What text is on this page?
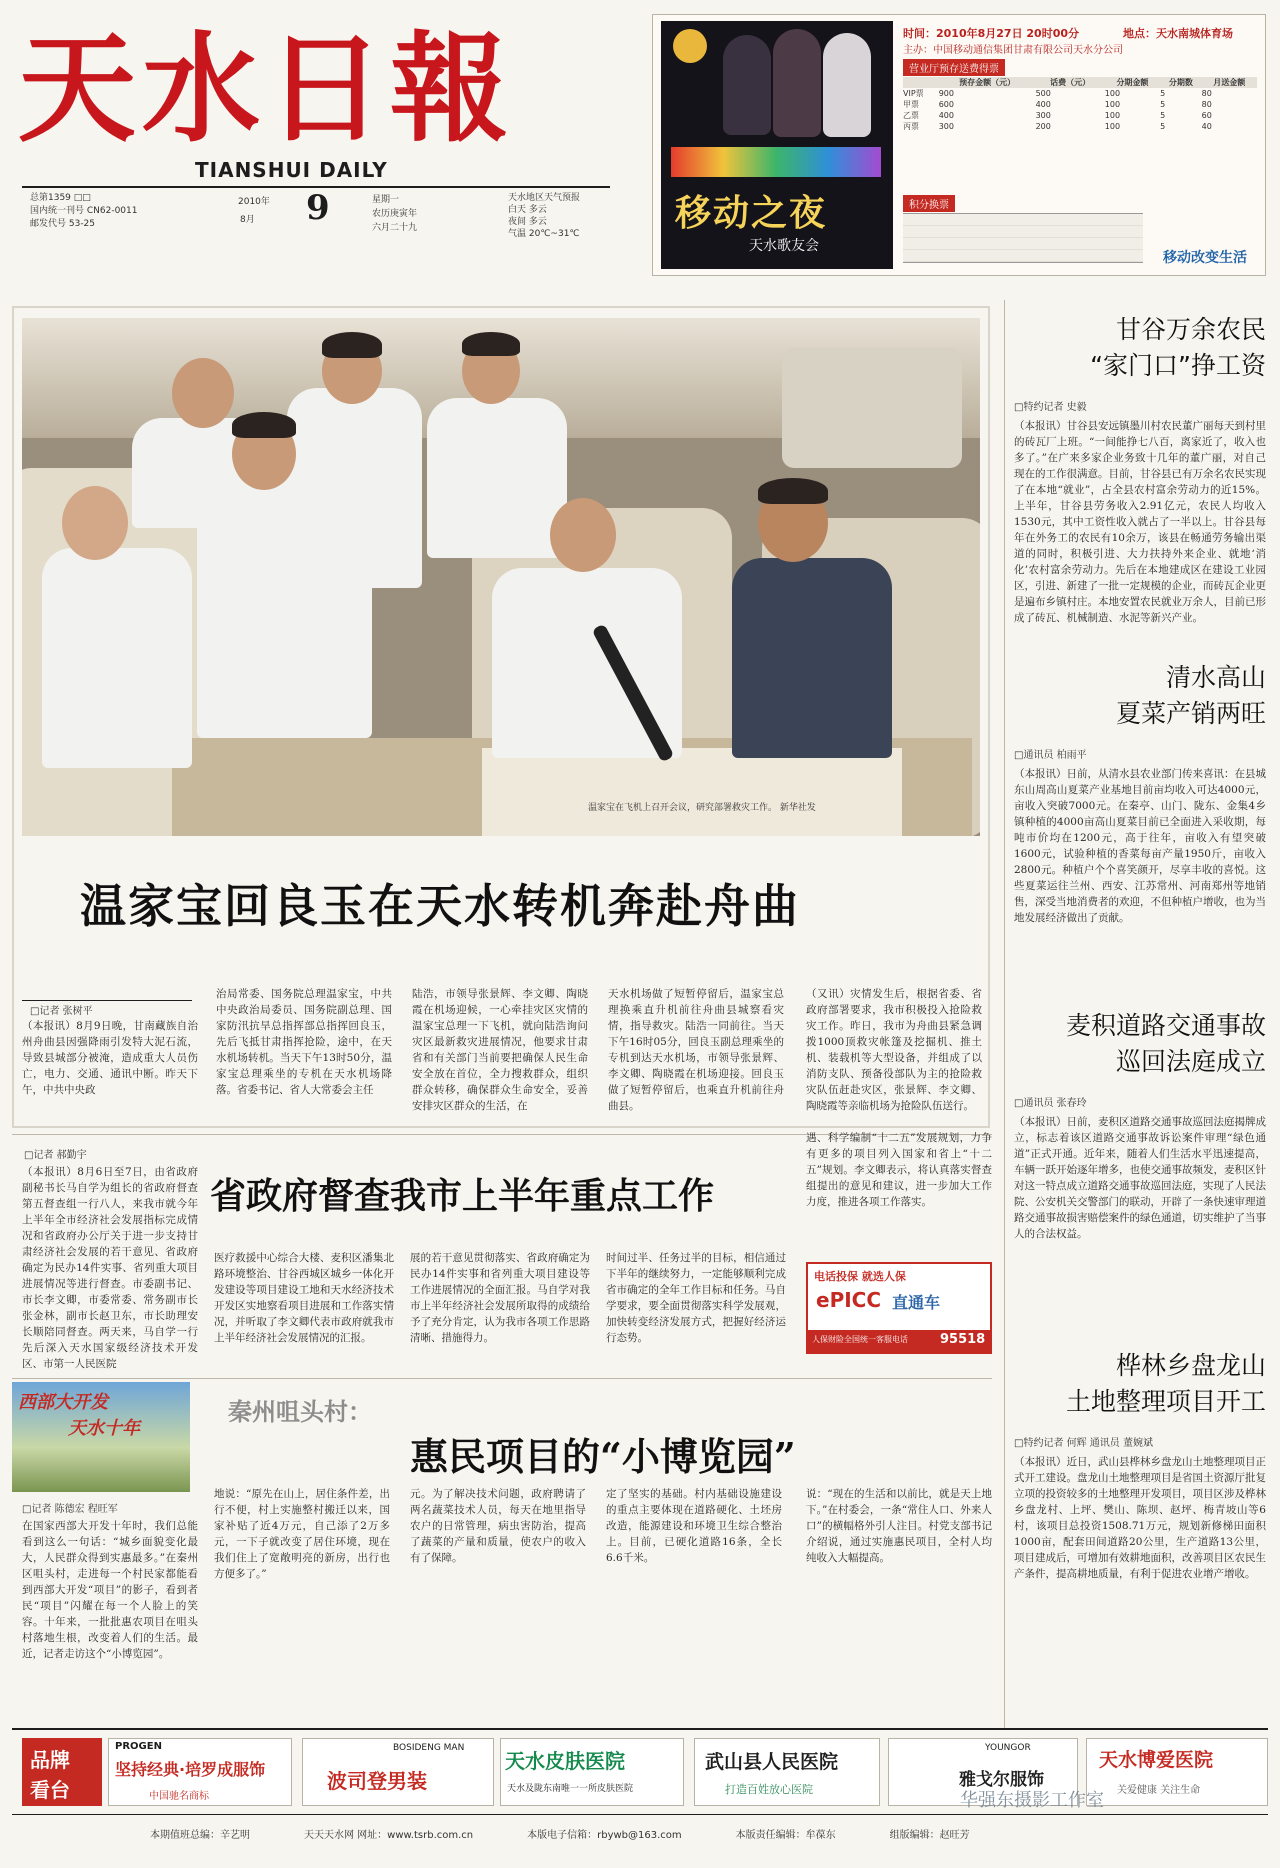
天水日報
TIANSHUI DAILY
总第1359 □□
国内统一刊号 CN62-0011
邮发代号 53-25
2010年
8月 9	星期一
农历庚寅年
六月二十九
天水地区天气预报
白天 多云
夜间 多云
气温 20℃~31℃	移动之夜
天水歌友会
时间：2010年8月27日 20时00分	地点：天水南城体育场
主办：中国移动通信集团甘肃有限公司天水分公司
营业厅预存送费得票
	预存金额（元）	话费（元）	分期金额	分期数	月送金额
VIP票	900	500	100	5	80
甲票	600	400	100	5	80
乙票	400	300	100	5	60
丙票	300	200	100	5	40
积分换票
移动改变生活
温家宝在飞机上召开会议，研究部署救灾工作。 新华社发
温家宝回良玉在天水转机奔赴舟曲
□记者 张树平
（本报讯）8月9日晚，甘南藏族自治州舟曲县因强降雨引发特大泥石流，导致县城部分被淹，造成重大人员伤亡，电力、交通、通讯中断。昨天下午，中共中央政
治局常委、国务院总理温家宝，中共中央政治局委员、国务院副总理、国家防汛抗旱总指挥部总指挥回良玉，先后飞抵甘肃指挥抢险，途中，在天水机场转机。当天下午13时50分，温家宝总理乘坐的专机在天水机场降落。省委书记、省人大常委会主任
陆浩，市领导张景辉、李文卿、陶晓霞在机场迎候，一心牵挂灾区灾情的温家宝总理一下飞机，就向陆浩询问灾区最新救灾进展情况，他要求甘肃省和有关部门当前要把确保人民生命安全放在首位，全力搜救群众，组织群众转移，确保群众生命安全，妥善安排灾区群众的生活，在
天水机场做了短暂停留后，温家宝总理换乘直升机前往舟曲县城察看灾情，指导救灾。陆浩一同前往。当天下午16时05分，回良玉副总理乘坐的专机到达天水机场，市领导张景辉、李文卿、陶晓霞在机场迎接。回良玉做了短暂停留后，也乘直升机前往舟曲县。
（又讯）灾情发生后，根据省委、省政府部署要求，我市积极投入抢险救灾工作。昨日，我市为舟曲县紧急调拨1000顶救灾帐篷及挖掘机、推土机、装载机等大型设备，并组成了以消防支队、预备役部队为主的抢险救灾队伍赶赴灾区，张景辉、李文卿、陶晓霞等亲临机场为抢险队伍送行。
甘谷万余农民
“家门口”挣工资
□特约记者 史毅
（本报讯）甘谷县安远镇墨川村农民董广丽每天到村里的砖瓦厂上班。“一间能挣七八百，离家近了，收入也多了。”在广来多家企业务致十几年的董广丽，对自己现在的工作很满意。目前，甘谷县已有万余名农民实现了在本地“就业”，占全县农村富余劳动力的近15%。上半年，甘谷县劳务收入2.91亿元，农民人均收入1530元，其中工资性收入就占了一半以上。甘谷县每年在外务工的农民有10余万，该县在畅通劳务输出渠道的同时，积极引进、大力扶持外来企业、就地‘消化’农村富余劳动力。先后在本地建成区在建设工业园区，引进、新建了一批一定规模的企业，而砖瓦企业更是遍布乡镇村庄。本地安置农民就业万余人，目前已形成了砖瓦、机械制造、水泥等新兴产业。
清水高山
夏菜产销两旺
□通讯员 柏雨平
（本报讯）日前，从清水县农业部门传来喜讯：在县城东山周高山夏菜产业基地目前亩均收入可达4000元，亩收入突破7000元。在秦亭、山门、陇东、金集4乡镇种植的4000亩高山夏菜目前已全面进入采收期，每吨市价均在1200元，高于往年，亩收入有望突破1600元，试验种植的香菜每亩产量1950斤，亩收入2800元。种植户个个喜笑颜开，尽享丰收的喜悦。这些夏菜运往兰州、西安、江苏常州、河南郑州等地销售，深受当地消费者的欢迎，不但种植户增收，也为当地发展经济做出了贡献。
麦积道路交通事故
巡回法庭成立
□通讯员 张春玲
（本报讯）日前，麦积区道路交通事故巡回法庭揭牌成立，标志着该区道路交通事故诉讼案件审理“绿色通道”正式开通。近年来，随着人们生活水平迅速提高，车辆一跃开始逐年增多，也使交通事故频发，麦积区针对这一特点成立道路交通事故巡回法庭，实现了人民法院、公安机关交警部门的联动，开辟了一条快速审理道路交通事故损害赔偿案件的绿色通道，切实维护了当事人的合法权益。
桦林乡盘龙山
土地整理项目开工
□特约记者 何辉 通讯员 董婉斌
（本报讯）近日，武山县桦林乡盘龙山土地整理项目正式开工建设。盘龙山土地整理项目是省国土资源厅批复立项的投资较多的土地整理开发项目，项目区涉及桦林乡盘龙村、上坪、樊山、陈坝、赵坪、梅青坡山等6村，该项目总投资1508.71万元，规划新修梯田面积1000亩，配套田间道路20公里，生产道路13公里，项目建成后，可增加有效耕地面积，改善项目区农民生产条件，提高耕地质量，有利于促进农业增产增收。
□记者 郝勤宇
（本报讯）8月6日至7日，由省政府副秘书长马自学为组长的省政府督查第五督查组一行八人，来我市就今年上半年全市经济社会发展指标完成情况和省政府办公厅关于进一步支持甘肃经济社会发展的若干意见、省政府确定为民办14件实事、省列重大项目进展情况等进行督查。市委副书记、市长李文卿，市委常委、常务副市长张金林，副市长赵卫东，市长助理安长顺陪同督查。两天来，马自学一行先后深入天水国家级经济技术开发区、市第一人民医院
省政府督查我市上半年重点工作
医疗救援中心综合大楼、麦积区潘集北路环境整治、甘谷西城区城乡一体化开发建设等项目建设工地和天水经济技术开发区实地察看项目进展和工作落实情况，并听取了李文卿代表市政府就我市上半年经济社会发展情况的汇报。
展的若干意见贯彻落实、省政府确定为民办14件实事和省列重大项目建设等工作进展情况的全面汇报。马自学对我市上半年经济社会发展所取得的成绩给予了充分肯定，认为我市各项工作思路清晰、措施得力。
时间过半、任务过半的目标，相信通过下半年的继续努力，一定能够顺利完成省市确定的全年工作目标和任务。马自学要求，要全面贯彻落实科学发展观，加快转变经济发展方式，把握好经济运行态势。
遇、科学编制“十二五”发展规划，力争有更多的项目列入国家和省上“十二五”规划。李文卿表示，将认真落实督查组提出的意见和建议，进一步加大工作力度，推进各项工作落实。
电话投保 就选人保
ePICC 直通车
人保财险全国统一客服电话 95518
西部大开发
天水十年
秦州咀头村：
惠民项目的“小博览园”
□记者 陈德宏 程旺军
在国家西部大开发十年时，我们总能看到这么一句话：“城乡面貌变化最大，人民群众得到实惠最多。”在秦州区咀头村，走进每一个村民家都能看到西部大开发“项目”的影子，看到者民“项目”闪耀在每一个人脸上的笑容。十年来，一批批惠农项目在咀头村落地生根，改变着人们的生活。最近，记者走访这个“小博览园”。
地说：“原先在山上，居住条件差，出行不便，村上实施整村搬迁以来，国家补贴了近4万元，自己添了2万多元，一下子就改变了居住环境，现在我们住上了宽敞明亮的新房，出行也方便多了。”
元。为了解决技术问题，政府聘请了两名蔬菜技术人员，每天在地里指导农户的日常管理，病虫害防治，提高了蔬菜的产量和质量，使农户的收入有了保障。
定了坚实的基础。村内基础设施建设的重点主要体现在道路硬化、土坯房改造，能源建设和环境卫生综合整治上。目前，已硬化道路16条，全长6.6千米。
说：“现在的生活和以前比，就是天上地下。”在村委会，一条“常住人口、外来人口”的横幅格外引人注目。村党支部书记介绍说，通过实施惠民项目，全村人均纯收入大幅提高。
品牌
看台
PROGEN
坚持经典·培罗成服饰
中国驰名商标
BOSIDENG MAN
波司登男装
天水皮肤医院
天水及陇东南唯一一所皮肤医院
武山县人民医院
打造百姓放心医院
YOUNGOR
雅戈尔服饰
天水博爱医院
关爱健康 关注生命
本期值班总编：辛艺明	天天天水网 网址：www.tsrb.com.cn	本版电子信箱：rbywb@163.com	本版责任编辑：牟葆东	组版编辑：赵旺芳
华强东摄影工作室
